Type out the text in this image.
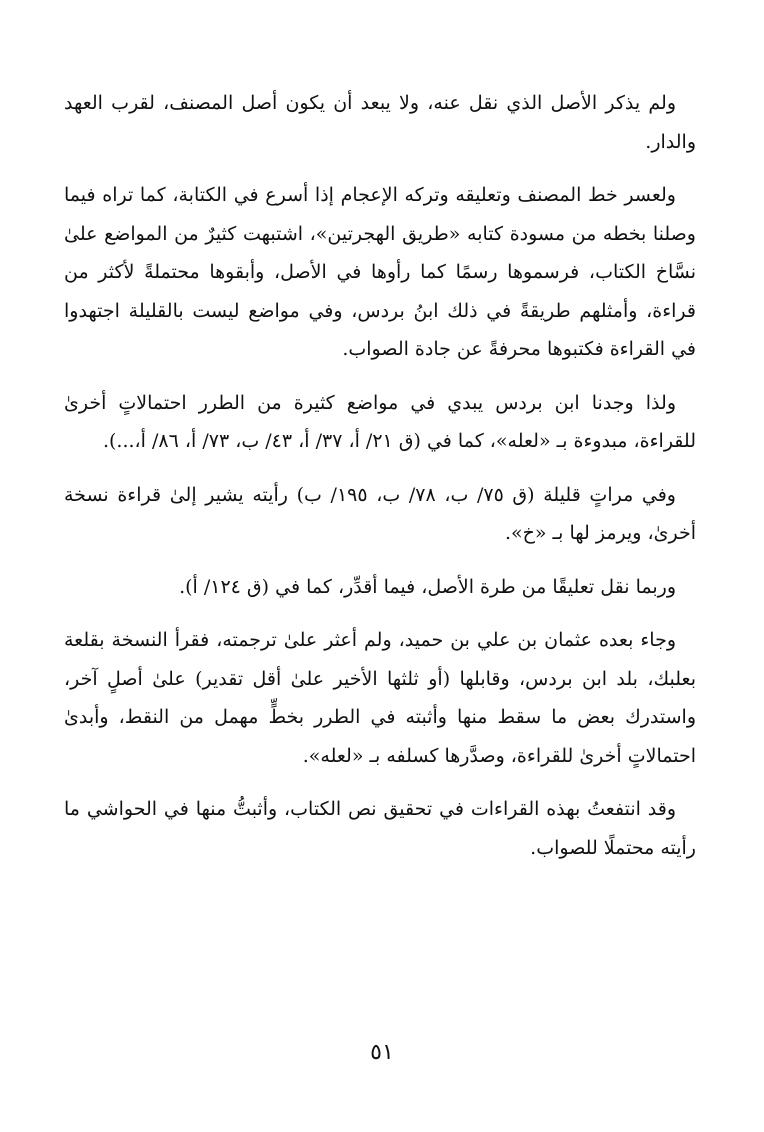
ولم يذكر الأصل الذي نقل عنه، ولا يبعد أن يكون أصل المصنف، لقرب العهد والدار.

ولعسر خط المصنف وتعليقه وتركه الإعجام إذا أسرع في الكتابة، كما تراه فيما وصلنا بخطه من مسودة كتابه «طريق الهجرتين»، اشتبهت كثيرٌ من المواضع علىٰ نسَّاخ الكتاب، فرسموها رسمًا كما رأوها في الأصل، وأبقوها محتملةً لأكثر من قراءة، وأمثلهم طريقةً في ذلك ابنُ بردس، وفي مواضع ليست بالقليلة اجتهدوا في القراءة فكتبوها محرفةً عن جادة الصواب.

ولذا وجدنا ابن بردس يبدي في مواضع كثيرة من الطرر احتمالاتٍ أخرىٰ للقراءة، مبدوءة بـ «لعله»، كما في (ق ٢١/ أ، ٣٧/ أ، ٤٣/ ب، ٧٣/ أ، ٨٦/ أ،...).

وفي مراتٍ قليلة (ق ٧٥/ ب، ٧٨/ ب، ١٩٥/ ب) رأيته يشير إلىٰ قراءة نسخة أخرىٰ، ويرمز لها بـ «خ».

وربما نقل تعليقًا من طرة الأصل، فيما أقدِّر، كما في (ق ١٢٤/ أ).

وجاء بعده عثمان بن علي بن حميد، ولم أعثر علىٰ ترجمته، فقرأ النسخة بقلعة بعلبك، بلد ابن بردس، وقابلها (أو ثلثها الأخير علىٰ أقل تقدير) علىٰ أصلٍ آخر، واستدرك بعض ما سقط منها وأثبته في الطرر بخطٍّ مهمل من النقط، وأبدىٰ احتمالاتٍ أخرىٰ للقراءة، وصدَّرها كسلفه بـ «لعله».

وقد انتفعتُ بهذه القراءات في تحقيق نص الكتاب، وأثبتُّ منها في الحواشي ما رأيته محتملًا للصواب.

٥١
